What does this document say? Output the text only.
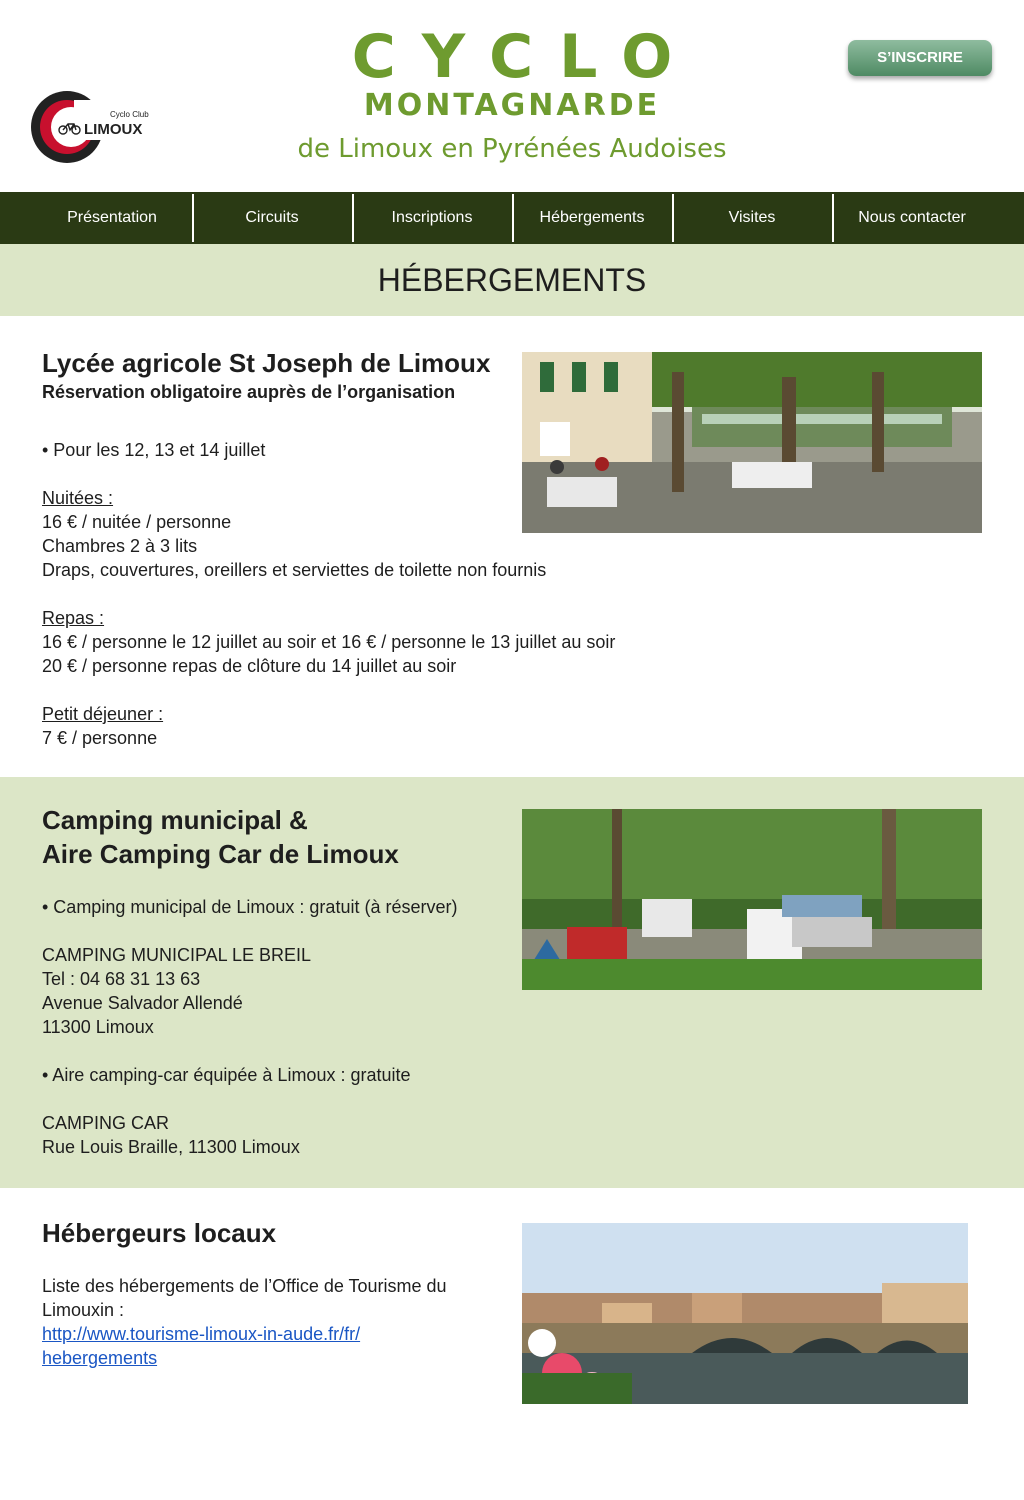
Cyclo Club
LIMOUX
CYCLO
MONTAGNARDE
de Limoux en Pyrénées Audoises
S’INSCRIRE
Présentation	Circuits	Inscriptions	Hébergements	Visites	Nous contacter
HÉBERGEMENTS
Lycée agricole St Joseph de Limoux
Réservation obligatoire auprès de l’organisation
• Pour les 12, 13 et 14 juillet
Nuitées :
16 € / nuitée / personne
Chambres 2 à 3 lits
Draps, couvertures, oreillers et serviettes de toilette non fournis
Repas :
16 € / personne le 12 juillet au soir et 16 € / personne le 13 juillet au soir
20 € / personne repas de clôture du 14 juillet au soir
Petit déjeuner :
7 € / personne
Camping municipal &
Aire Camping Car de Limoux
• Camping municipal de Limoux : gratuit (à réserver)
CAMPING MUNICIPAL LE BREIL
Tel : 04 68 31 13 63
Avenue Salvador Allendé
11300 Limoux
• Aire camping-car équipée à Limoux : gratuite
CAMPING CAR
Rue Louis Braille, 11300 Limoux
Hébergeurs locaux
Liste des hébergements de l’Office de Tourisme du
Limouxin :
http://www.tourisme-limoux-in-aude.fr/fr/
hebergements
